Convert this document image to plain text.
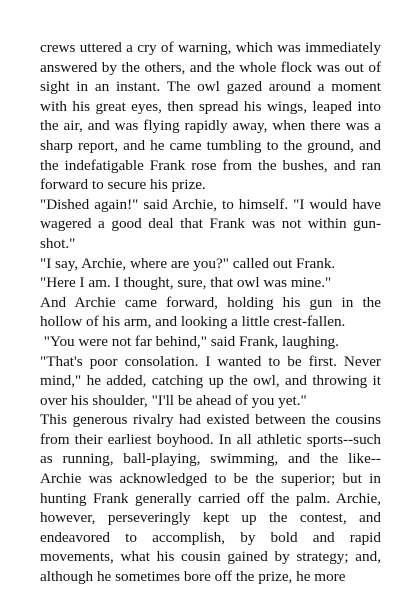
crews uttered a cry of warning, which was immediately answered by the others, and the whole flock was out of sight in an instant. The owl gazed around a moment with his great eyes, then spread his wings, leaped into the air, and was flying rapidly away, when there was a sharp report, and he came tumbling to the ground, and the indefatigable Frank rose from the bushes, and ran forward to secure his prize.

"Dished again!" said Archie, to himself. "I would have wagered a good deal that Frank was not within gun-shot."

"I say, Archie, where are you?" called out Frank.

"Here I am. I thought, sure, that owl was mine."

And Archie came forward, holding his gun in the hollow of his arm, and looking a little crest-fallen.

"You were not far behind," said Frank, laughing.

"That's poor consolation. I wanted to be first. Never mind," he added, catching up the owl, and throwing it over his shoulder, "I'll be ahead of you yet."

This generous rivalry had existed between the cousins from their earliest boyhood. In all athletic sports--such as running, ball-playing, swimming, and the like--Archie was acknowledged to be the superior; but in hunting Frank generally carried off the palm. Archie, however, perseveringly kept up the contest, and endeavored to accomplish, by bold and rapid movements, what his cousin gained by strategy; and, although he sometimes bore off the prize, he more
